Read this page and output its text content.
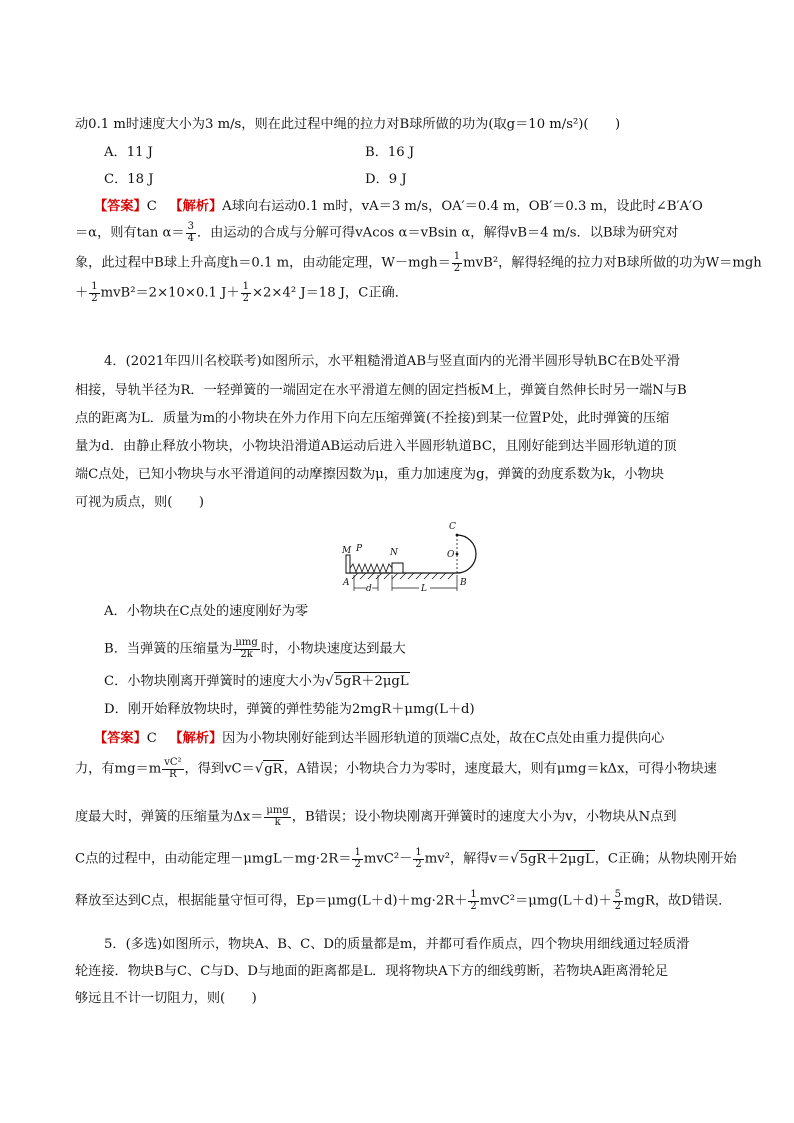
动0.1 m时速度大小为3 m/s，则在此过程中绳的拉力对B球所做的功为(取g＝10 m/s²)(　　)
A．11 J	B．16 J
C．18 J	D．9 J
【答案】C 【解析】A球向右运动0.1 m时，vA＝3 m/s，OA′＝0.4 m，OB′＝0.3 m，设此时∠B′A′O
＝α，则有$\tan \alpha= \frac{3}{4}$ ．由运动的合成与分解可得vAcos α＝vBsin α，解得vB＝4 m/s．以B球为研究对
象，此过程中B球上升高度h＝0.1 m，由动能定理，$W-mgh= \frac{1}{2} mvB^2$，解得轻绳的拉力对B球所做的功为W＝mgh
＋ $\frac{1}{2} mvB^2=2\times 10\times 0.1$ $J+ \frac{1}{2} \times 2\times 4^2$ J＝18 J，C正确．
4．(2021年四川名校联考)如图所示，水平粗糙滑道AB与竖直面内的光滑半圆形导轨BC在B处平滑
相接，导轨半径为R．一轻弹簧的一端固定在水平滑道左侧的固定挡板M上，弹簧自然伸长时另一端N与B
点的距离为L．质量为m的小物块在外力作用下向左压缩弹簧(不拴接)到某一位置P处，此时弹簧的压缩
量为d．由静止释放小物块，小物块沿滑道AB运动后进入半圆形轨道BC，且刚好能到达半圆形轨道的顶
端C点处，已知小物块与水平滑道间的动摩擦因数为μ，重力加速度为g，弹簧的劲度系数为k，小物块
可视为质点，则(　　)
M P	N
C
O
A	B
d	L
A．小物块在C点处的速度刚好为零
B．当弹簧的压缩量为 $\frac{\text{μmg}}{2k}$ 时，小物块速度达到最大
C．小物块刚离开弹簧时的速度大小为√5gR＋2μgL
D．刚开始释放物块时，弹簧的弹性势能为2mgR＋μmg(L＋d)
【答案】C 【解析】因为小物块刚好能到达半圆形轨道的顶端C点处，故在C点处由重力提供向心
力，有$mg=m \frac{\text{vC²}}{R}$ ，得到vC＝√gR，A错误；小物块合力为零时，速度最大，则有μmg＝kΔx，可得小物块速
度最大时，弹簧的压缩量为$\Delta x= \frac{\text{μmg}}{k}$ ，B错误；设小物块刚离开弹簧时的速度大小为v，小物块从N点到
C点的过程中，由动能定理$-\mu mgL-mg\cdot 2R= \frac{1}{2} mvC^2- \frac{1}{2} mv^2$，解得v＝√5gR＋2μgL，C正确；从物块刚开始
释放至达到C点，根据能量守恒可得，$Ep=\mu mg(L+d)+mg\cdot 2R+ \frac{1}{2} mvC^2=\mu mg(L+d)+ \frac{5}{2}$ mgR，故D错误．
5．(多选)如图所示，物块A、B、C、D的质量都是m，并都可看作质点，四个物块用细线通过轻质滑
轮连接．物块B与C、C与D、D与地面的距离都是L．现将物块A下方的细线剪断，若物块A距离滑轮足
够远且不计一切阻力，则(　　)
